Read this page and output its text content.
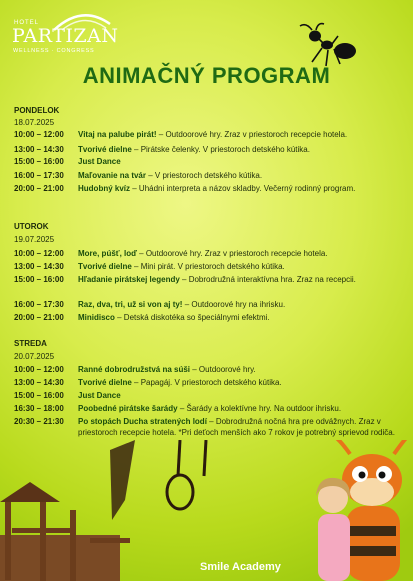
HOTEL
PARTIZAN
WELLNESS · CONGRESS
ANIMAČNÝ PROGRAM
PONDELOK
18.07.2025
10:00 – 12:00	Vitaj na palube pirát! – Outdoorové hry. Zraz v priestoroch recepcie hotela.
13:00 – 14:30	Tvorivé dielne – Pirátske čelenky. V priestoroch detského kútika.
15:00 – 16:00	Just Dance
16:00 – 17:30	Maľovanie na tvár – V priestoroch detského kútika.
20:00 – 21:00	Hudobný kvíz – Uhádni interpreta a názov skladby. Večerný rodinný program.
UTOROK
19.07.2025
10:00 – 12:00	More, púšť, loď – Outdoorové hry. Zraz v priestoroch recepcie hotela.
13:00 – 14:30	Tvorivé dielne – Mini pirát. V priestoroch detského kútika.
15:00 – 16:00	Hľadanie pirátskej legendy – Dobrodružná interaktívna hra. Zraz na recepcii.
16:00 – 17:30	Raz, dva, tri, už si von aj ty! – Outdoorové hry na ihrisku.
20:00 – 21:00	Minidisco – Detská diskotéka so špeciálnymi efektmi.
STREDA
20.07.2025
10:00 – 12:00	Ranné dobrodružstvá na súši – Outdoorové hry.
13:00 – 14:30	Tvorivé dielne – Papagáj. V priestoroch detského kútika.
15:00 – 16:00	Just Dance
16:30 – 18:00	Poobedné pirátske šarády – Šarády a kolektívne hry. Na outdoor ihrisku.
20:30 – 21:30	Po stopách Ducha stratených lodí – Dobrodružná nočná hra pre odvážnych. Zraz v priestoroch recepcie hotela. *Pri deťoch menších ako 7 rokov je potrebný sprievod rodiča.
Smile Academy
